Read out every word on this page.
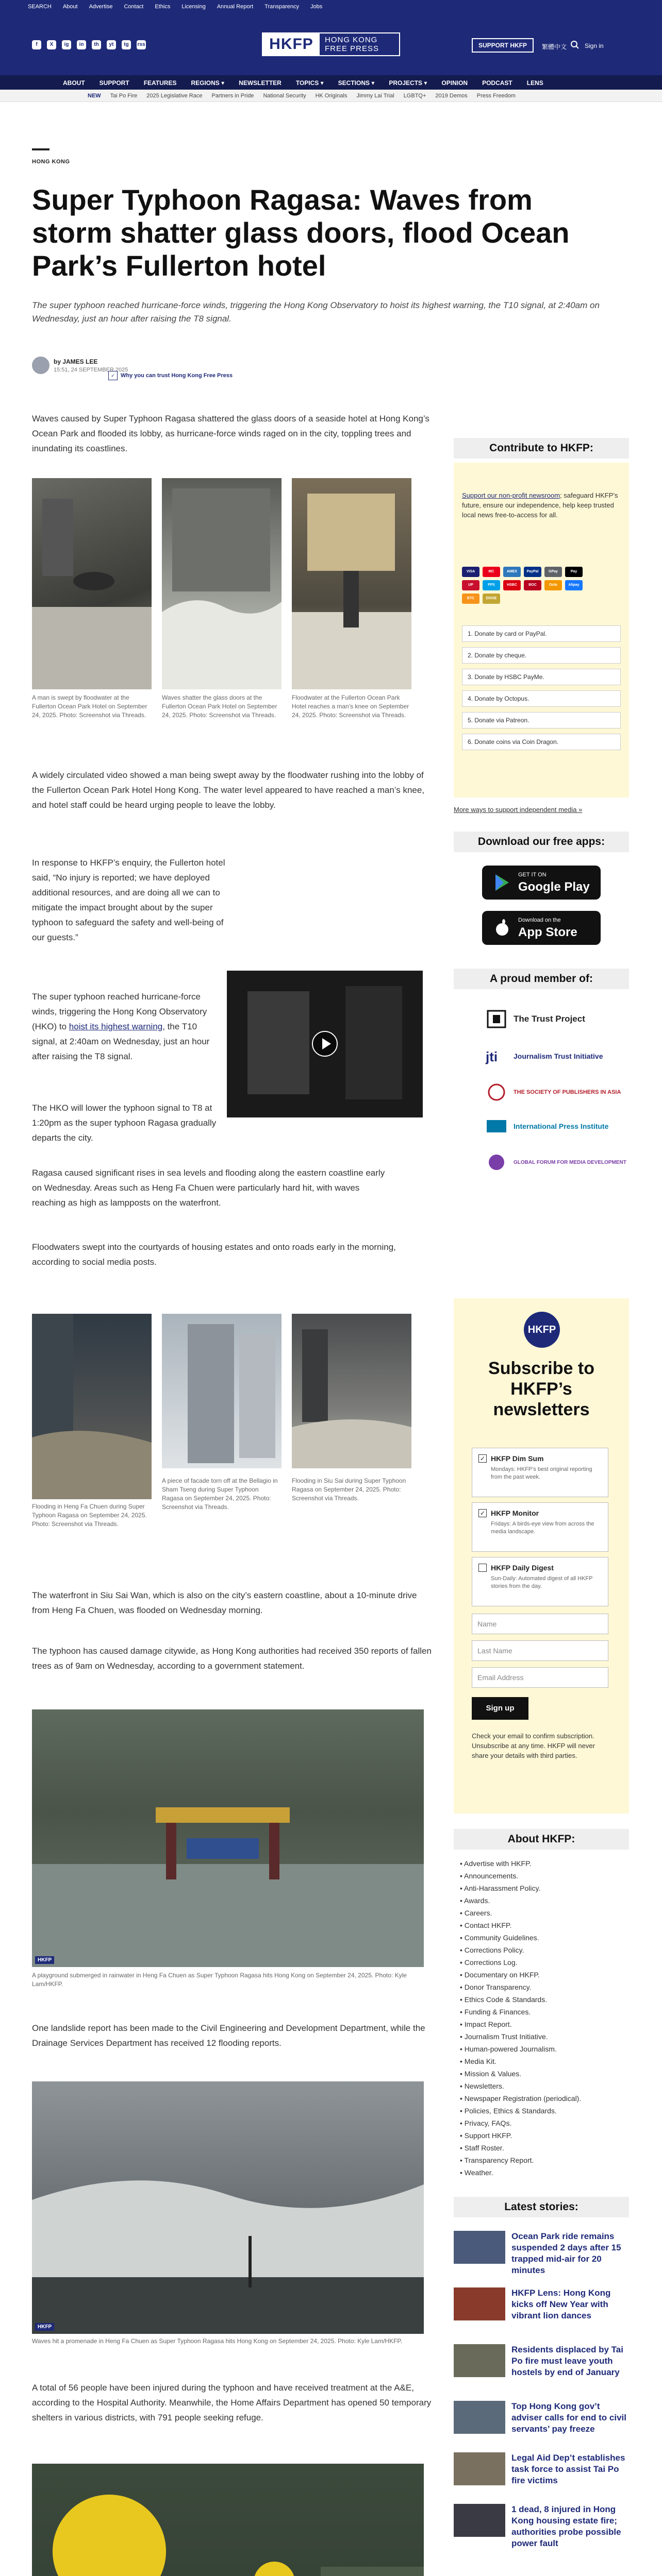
SEARCH About Advertise Contact Ethics Licensing Annual Report Transparency Jobs
f	X	ig	in	th	yt	tg	rss	HKFP	HONG KONG
FREE PRESS	SUPPORT HKFP	繁體中文	Sign in
ABOUT SUPPORT FEATURES REGIONS ▾ NEWSLETTER TOPICS ▾ SECTIONS ▾ PROJECTS ▾ OPINION PODCAST LENS
NEW Tai Po Fire 2025 Legislative Race Partners in Pride National Security HK Originals Jimmy Lai Trial LGBTQ+ 2019 Demos Press Freedom
HONG KONG
Super Typhoon Ragasa: Waves from storm shatter glass doors, flood Ocean Park’s Fullerton hotel

The super typhoon reached hurricane-force winds, triggering the Hong Kong Observatory to hoist its highest warning, the T10 signal, at 2:40am on Wednesday, just an hour after raising the T8 signal.

by JAMES LEE
15:51, 24 SEPTEMBER 2025
✓	Why you can trust Hong Kong Free Press

Waves caused by Super Typhoon Ragasa shattered the glass doors of a seaside hotel at Hong Kong’s Ocean Park and flooded its lobby, as hurricane-force winds raged on in the city, toppling trees and inundating its coastlines.

A man is swept by floodwater at the Fullerton Ocean Park Hotel on September 24, 2025. Photo: Screenshot via Threads.

Waves shatter the glass doors at the Fullerton Ocean Park Hotel on September 24, 2025. Photo: Screenshot via Threads.

Floodwater at the Fullerton Ocean Park Hotel reaches a man’s knee on September 24, 2025. Photo: Screenshot via Threads.

A widely circulated video showed a man being swept away by the floodwater rushing into the lobby of the Fullerton Ocean Park Hotel Hong Kong. The water level appeared to have reached a man’s knee, and hotel staff could be heard urging people to leave the lobby.

In response to HKFP’s enquiry, the Fullerton hotel said, “No injury is reported; we have deployed additional resources, and are doing all we can to mitigate the impact brought about by the super typhoon to safeguard the safety and well-being of our guests.”

The super typhoon reached hurricane-force winds, triggering the Hong Kong Observatory (HKO) to hoist its highest warning, the T10 signal, at 2:40am on Wednesday, just an hour after raising the T8 signal.

The HKO will lower the typhoon signal to T8 at 1:20pm as the super typhoon Ragasa gradually departs the city.

Ragasa caused significant rises in sea levels and flooding along the eastern coastline early on Wednesday. Areas such as Heng Fa Chuen were particularly hard hit, with waves reaching as high as lampposts on the waterfront.

Floodwaters swept into the courtyards of housing estates and onto roads early in the morning, according to social media posts.

Flooding in Heng Fa Chuen during Super Typhoon Ragasa on September 24, 2025. Photo: Screenshot via Threads.

A piece of facade torn off at the Bellagio in Sham Tseng during Super Typhoon Ragasa on September 24, 2025. Photo: Screenshot via Threads.

Flooding in Siu Sai during Super Typhoon Ragasa on September 24, 2025. Photo: Screenshot via Threads.

The waterfront in Siu Sai Wan, which is also on the city’s eastern coastline, about a 10-minute drive from Heng Fa Chuen, was flooded on Wednesday morning.

The typhoon has caused damage citywide, as Hong Kong authorities had received 350 reports of fallen trees as of 9am on Wednesday, according to a government statement.

HKFP

A playground submerged in rainwater in Heng Fa Chuen as Super Typhoon Ragasa hits Hong Kong on September 24, 2025. Photo: Kyle Lam/HKFP.

One landslide report has been made to the Civil Engineering and Development Department, while the Drainage Services Department has received 12 flooding reports.

HKFP

Waves hit a promenade in Heng Fa Chuen as Super Typhoon Ragasa hits Hong Kong on September 24, 2025. Photo: Kyle Lam/HKFP.

A total of 56 people have been injured during the typhoon and have received treatment at the A&E, according to the Hospital Authority. Meanwhile, the Home Affairs Department has opened 50 temporary shelters in various districts, with 791 people seeking refuge.

Contribute to HKFP:

Support our non-profit newsroom; safeguard HKFP’s future, ensure our independence, help keep trusted local news free-to-access for all.

VISA	MC	AMEX	PayPal	GPay	Pay
UP	FPS	HSBC	BOC	Octo	Alipay
BTC	DOGE
1. Donate by card or PayPal.
2. Donate by cheque.
3. Donate by HSBC PayMe.
4. Donate by Octopus.
5. Donate via Patreon.
6. Donate coins via Coin Dragon.
More ways to support independent media »
Download our free apps:
GET IT ON
Google Play
Download on the
App Store
A proud member of:
The Trust Project
jti Journalism Trust Initiative
THE SOCIETY OF PUBLISHERS IN ASIA
International Press Institute
GLOBAL FORUM FOR MEDIA DEVELOPMENT
HKFP
Subscribe to HKFP’s newsletters
✓ HKFP Dim Sum
Mondays: HKFP’s best original reporting from the past week.
✓ HKFP Monitor
Fridays: A birds-eye view from across the media landscape.
HKFP Daily Digest
Sun-Daily: Automated digest of all HKFP stories from the day.
Name
Last Name
Email Address
Sign up

Check your email to confirm subscription. Unsubscribe at any time. HKFP will never share your details with third parties.

About HKFP:
• Advertise with HKFP.
• Announcements.
• Anti-Harassment Policy.
• Awards.
• Careers.
• Contact HKFP.
• Community Guidelines.
• Corrections Policy.
• Corrections Log.
• Documentary on HKFP.
• Donor Transparency.
• Ethics Code & Standards.
• Funding & Finances.
• Impact Report.
• Journalism Trust Initiative.
• Human-powered Journalism.
• Media Kit.
• Mission & Values.
• Newsletters.
• Newspaper Registration (periodical).
• Policies, Ethics & Standards.
• Privacy, FAQs.
• Support HKFP.
• Staff Roster.
• Transparency Report.
• Weather.
Latest stories:
Ocean Park ride remains suspended 2 days after 15 trapped mid-air for 20 minutes
HKFP Lens: Hong Kong kicks off New Year with vibrant lion dances
Residents displaced by Tai Po fire must leave youth hostels by end of January
Top Hong Kong gov’t adviser calls for end to civil servants’ pay freeze
Legal Aid Dep’t establishes task force to assist Tai Po fire victims
1 dead, 8 injured in Hong Kong housing estate fire; authorities probe possible power fault
